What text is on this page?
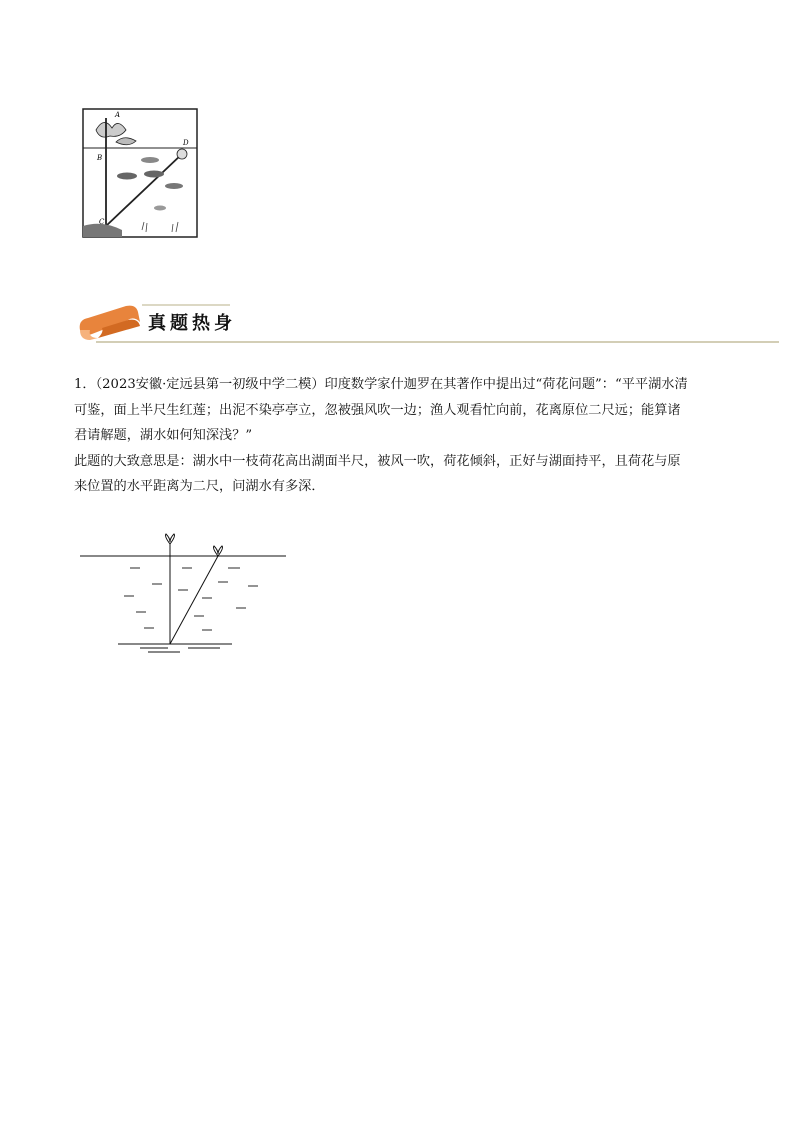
A
B
C
D
真题热身

1．（2023安徽·定远县第一初级中学二模）印度数学家什迦罗在其著作中提出过“荷花问题”：“平平湖水清

可鉴，面上半尺生红莲；出泥不染亭亭立，忽被强风吹一边；渔人观看忙向前，花离原位二尺远；能算诸

君请解题，湖水如何知深浅？”

此题的大致意思是：湖水中一枝荷花高出湖面半尺，被风一吹，荷花倾斜，正好与湖面持平，且荷花与原

来位置的水平距离为二尺，问湖水有多深．
